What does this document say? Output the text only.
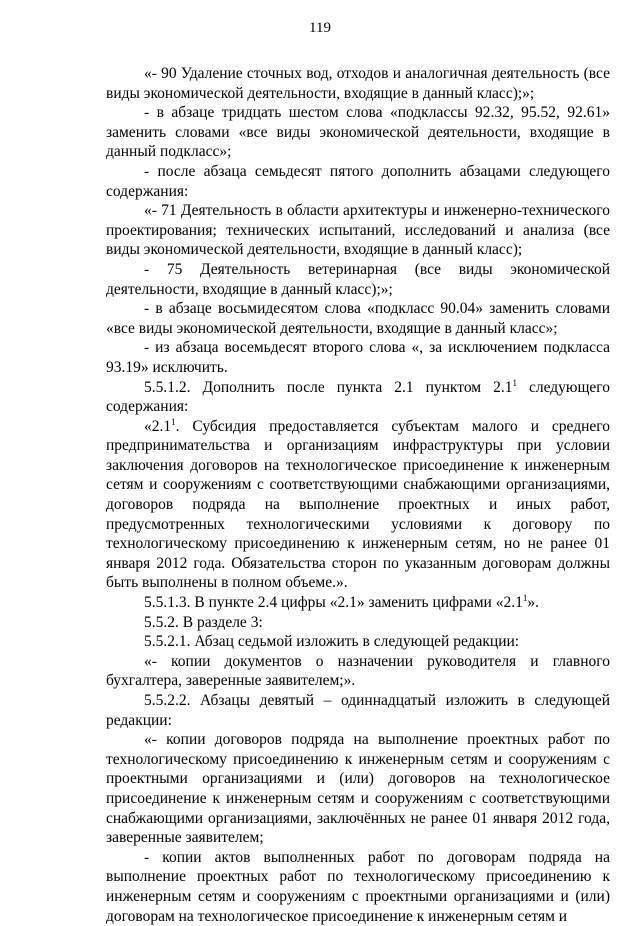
119

«- 90 Удаление сточных вод, отходов и аналогичная деятельность (все виды экономической деятельности, входящие в данный класс);»;

- в абзаце тридцать шестом слова «подклассы 92.32, 95.52, 92.61» заменить словами «все виды экономической деятельности, входящие в данный подкласс»;

- после абзаца семьдесят пятого дополнить абзацами следующего содержания:

«- 71 Деятельность в области архитектуры и инженерно-технического проектирования; технических испытаний, исследований и анализа (все виды экономической деятельности, входящие в данный класс);

- 75 Деятельность ветеринарная (все виды экономической деятельности, входящие в данный класс);»;

- в абзаце восьмидесятом слова «подкласс 90.04» заменить словами «все виды экономической деятельности, входящие в данный класс»;

- из абзаца восемьдесят второго слова «, за исключением подкласса 93.19» исключить.

5.5.1.2. Дополнить после пункта 2.1 пунктом $2.1^1$ следующего содержания:

«$2.1^1$. Субсидия предоставляется субъектам малого и среднего предпринимательства и организациям инфраструктуры при условии заключения договоров на технологическое присоединение к инженерным сетям и сооружениям с соответствующими снабжающими организациями, договоров подряда на выполнение проектных и иных работ, предусмотренных технологическими условиями к договору по технологическому присоединению к инженерным сетям, но не ранее 01 января 2012 года. Обязательства сторон по указанным договорам должны быть выполнены в полном объеме.».

5.5.1.3. В пункте 2.4 цифры «2.1» заменить цифрами «$2.1^1$».

5.5.2. В разделе 3:

5.5.2.1. Абзац седьмой изложить в следующей редакции:

«- копии документов о назначении руководителя и главного бухгалтера, заверенные заявителем;».

5.5.2.2. Абзацы девятый – одиннадцатый изложить в следующей редакции:

«- копии договоров подряда на выполнение проектных работ по технологическому присоединению к инженерным сетям и сооружениям с проектными организациями и (или) договоров на технологическое присоединение к инженерным сетям и сооружениям с соответствующими снабжающими организациями, заключённых не ранее 01 января 2012 года, заверенные заявителем;

- копии актов выполненных работ по договорам подряда на выполнение проектных работ по технологическому присоединению к инженерным сетям и сооружениям с проектными организациями и (или) договорам на технологическое присоединение к инженерным сетям и
